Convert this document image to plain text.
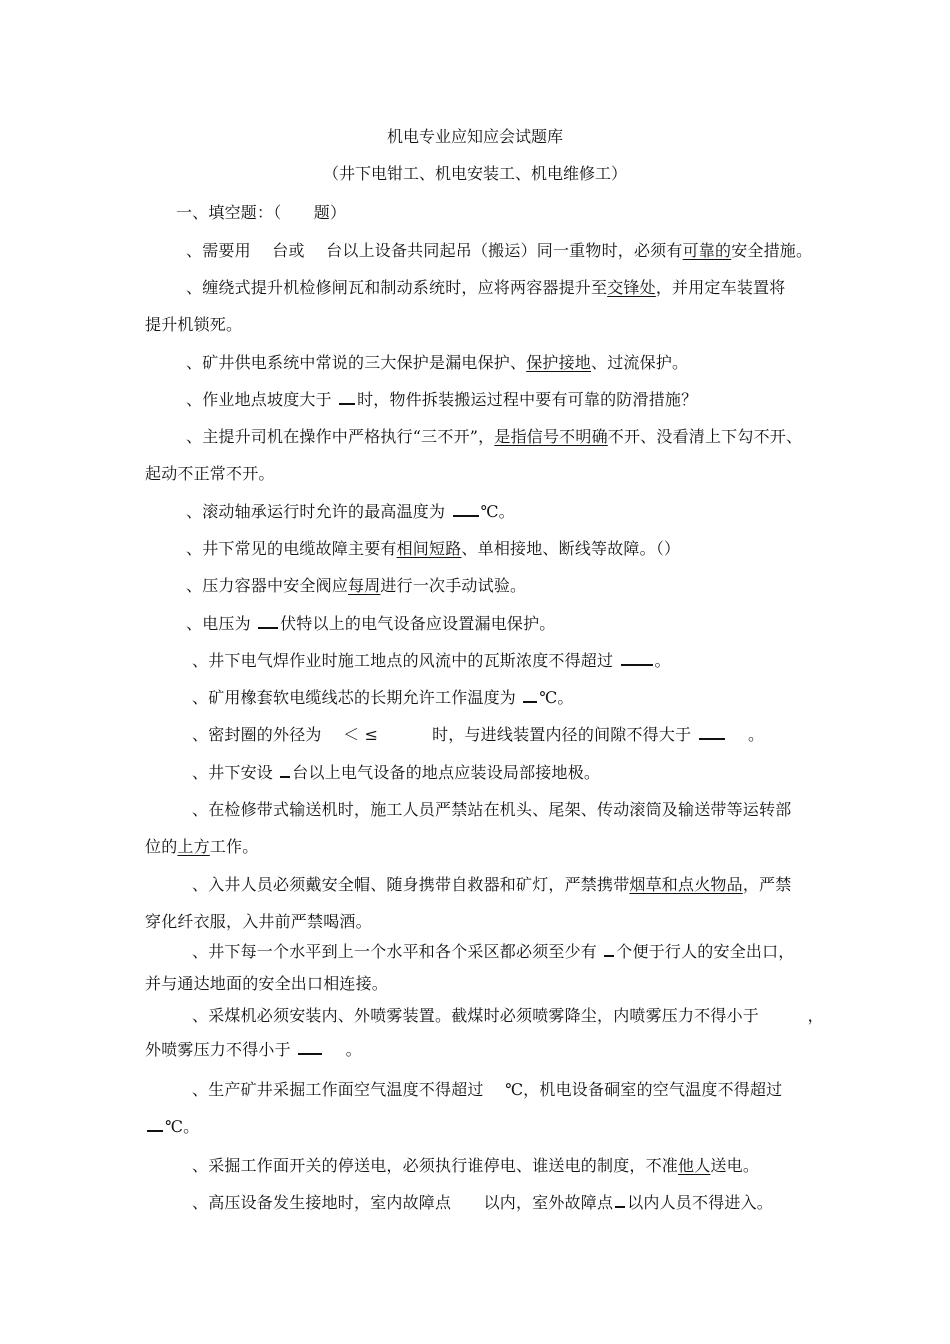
机电专业应知应会试题库
（井下电钳工、机电安装工、机电维修工）
一、填空题：（　　题）
、需要用　 台或　 台以上设备共同起吊（搬运）同一重物时，必须有可靠的安全措施。
、缠绕式提升机检修闸瓦和制动系统时，应将两容器提升至交锋处，并用定车装置将
提升机锁死。
、矿井供电系统中常说的三大保护是漏电保护、保护接地、过流保护。
、作业地点坡度大于 时，物件拆装搬运过程中要有可靠的防滑措施？
、主提升司机在操作中严格执行“三不开”，是指信号不明确不开、没看清上下勾不开、
起动不正常不开。
、滚动轴承运行时允许的最高温度为 ℃。
、井下常见的电缆故障主要有相间短路、单相接地、断线等故障。（）
、压力容器中安全阀应每周进行一次手动试验。
、电压为 伏特以上的电气设备应设置漏电保护。
、井下电气焊作业时施工地点的风流中的瓦斯浓度不得超过 。
、矿用橡套软电缆线芯的长期允许工作温度为 ℃。
、密封圈的外径为　 ＜ ≤　　　 时，与进线装置内径的间隙不得大于 　 。
、井下安设 台以上电气设备的地点应装设局部接地极。
、在检修带式输送机时，施工人员严禁站在机头、尾架、传动滚筒及输送带等运转部
位的上方工作。
、入井人员必须戴安全帽、随身携带自救器和矿灯，严禁携带烟草和点火物品，严禁
穿化纤衣服，入井前严禁喝酒。
、井下每一个水平到上一个水平和各个采区都必须至少有 个便于行人的安全出口，
并与通达地面的安全出口相连接。
、采煤机必须安装内、外喷雾装置。截煤时必须喷雾降尘，内喷雾压力不得小于　　　，
外喷雾压力不得小于 　 。
、生产矿井采掘工作面空气温度不得超过　 ℃，机电设备硐室的空气温度不得超过
℃。
、采掘工作面开关的停送电，必须执行谁停电、谁送电的制度，不准他人送电。
、高压设备发生接地时，室内故障点　　以内，室外故障点 以内人员不得进入。
